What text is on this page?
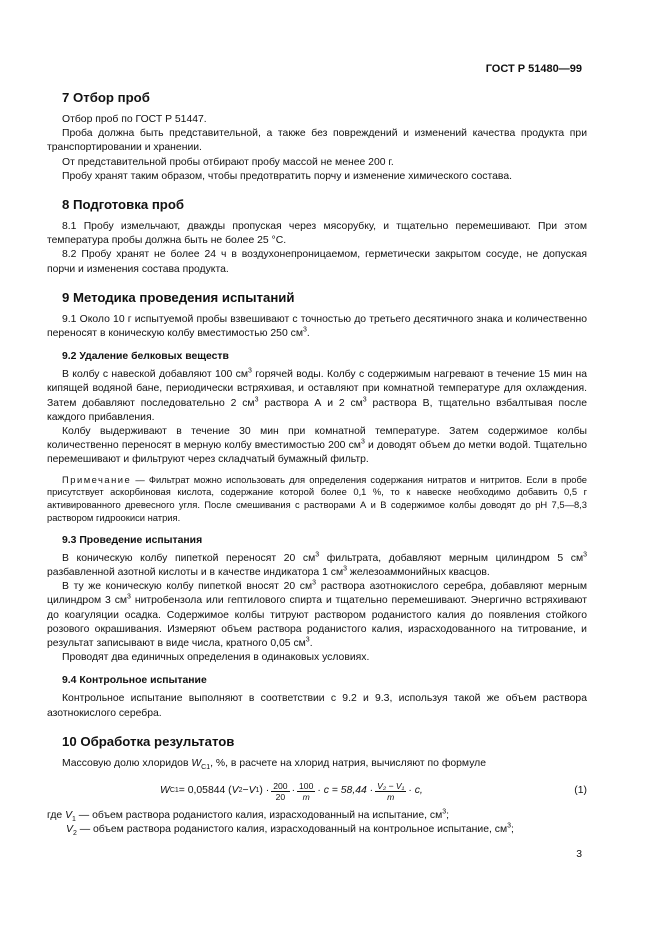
ГОСТ Р 51480—99
7 Отбор проб

Отбор проб по ГОСТ Р 51447.

Проба должна быть представительной, а также без повреждений и изменений качества продукта при транспортировании и хранении.

От представительной пробы отбирают пробу массой не менее 200 г.

Пробу хранят таким образом, чтобы предотвратить порчу и изменение химического состава.

8 Подготовка проб

8.1 Пробу измельчают, дважды пропуская через мясорубку, и тщательно перемешивают. При этом температура пробы должна быть не более 25 °С.

8.2 Пробу хранят не более 24 ч в воздухонепроницаемом, герметически закрытом сосуде, не допуская порчи и изменения состава продукта.

9 Методика проведения испытаний

9.1 Около 10 г испытуемой пробы взвешивают с точностью до третьего десятичного знака и количественно переносят в коническую колбу вместимостью 250 $см^3$.

9.2 Удаление белковых веществ

В колбу с навеской добавляют 100 $см^3$ горячей воды. Колбу с содержимым нагревают в течение 15 мин на кипящей водяной бане, периодически встряхивая, и оставляют при комнатной температуре для охлаждения. Затем добавляют последовательно 2 $см^3$ раствора А и 2 $см^3$ раствора В, тщательно взбалтывая после каждого прибавления.

Колбу выдерживают в течение 30 мин при комнатной температуре. Затем содержимое колбы количественно переносят в мерную колбу вместимостью 200 $см^3$ и доводят объем до метки водой. Тщательно перемешивают и фильтруют через складчатый бумажный фильтр.

Примечание — Фильтрат можно использовать для определения содержания нитратов и нитритов. Если в пробе присутствует аскорбиновая кислота, содержание которой более 0,1 %, то к навеске необходимо добавить 0,5 г активированного древесного угля. После смешивания с растворами А и В содержимое колбы доводят до рН 7,5—8,3 раствором гидроокиси натрия.

9.3 Проведение испытания

В коническую колбу пипеткой переносят 20 $см^3$ фильтрата, добавляют мерным цилиндром 5 $см^3$ разбавленной азотной кислоты и в качестве индикатора 1 $см^3$ железоаммонийных квасцов.

В ту же коническую колбу пипеткой вносят 20 $см^3$ раствора азотнокислого серебра, добавляют мерным цилиндром 3 $см^3$ нитробензола или гептилового спирта и тщательно перемешивают. Энергично встряхивают до коагуляции осадка. Содержимое колбы титруют раствором роданистого калия до появления стойкого розового окрашивания. Измеряют объем раствора роданистого калия, израсходованного на титрование, и результат записывают в виде числа, кратного 0,05 $см^3$.

Проводят два единичных определения в одинаковых условиях.

9.4 Контрольное испытание

Контрольное испытание выполняют в соответствии с 9.2 и 9.3, используя такой же объем раствора азотнокислого серебра.

10 Обработка результатов

Массовую долю хлоридов $W_{C1}$, %, в расчете на хлорид натрия, вычисляют по формуле

W C1 = 0,05844 ( V 2 − V 1 ) · $\frac{200}{20} \cdot \frac{100}{m} \cdot c = 58,44 \cdot \frac{\text{V₂ − V₁}}{m} \cdot c$,	(1)
где $V_1$ — объем раствора роданистого калия, израсходованный на испытание, $см^3$;
$V_2$ — объем раствора роданистого калия, израсходованный на контрольное испытание, $см^3$;
3
